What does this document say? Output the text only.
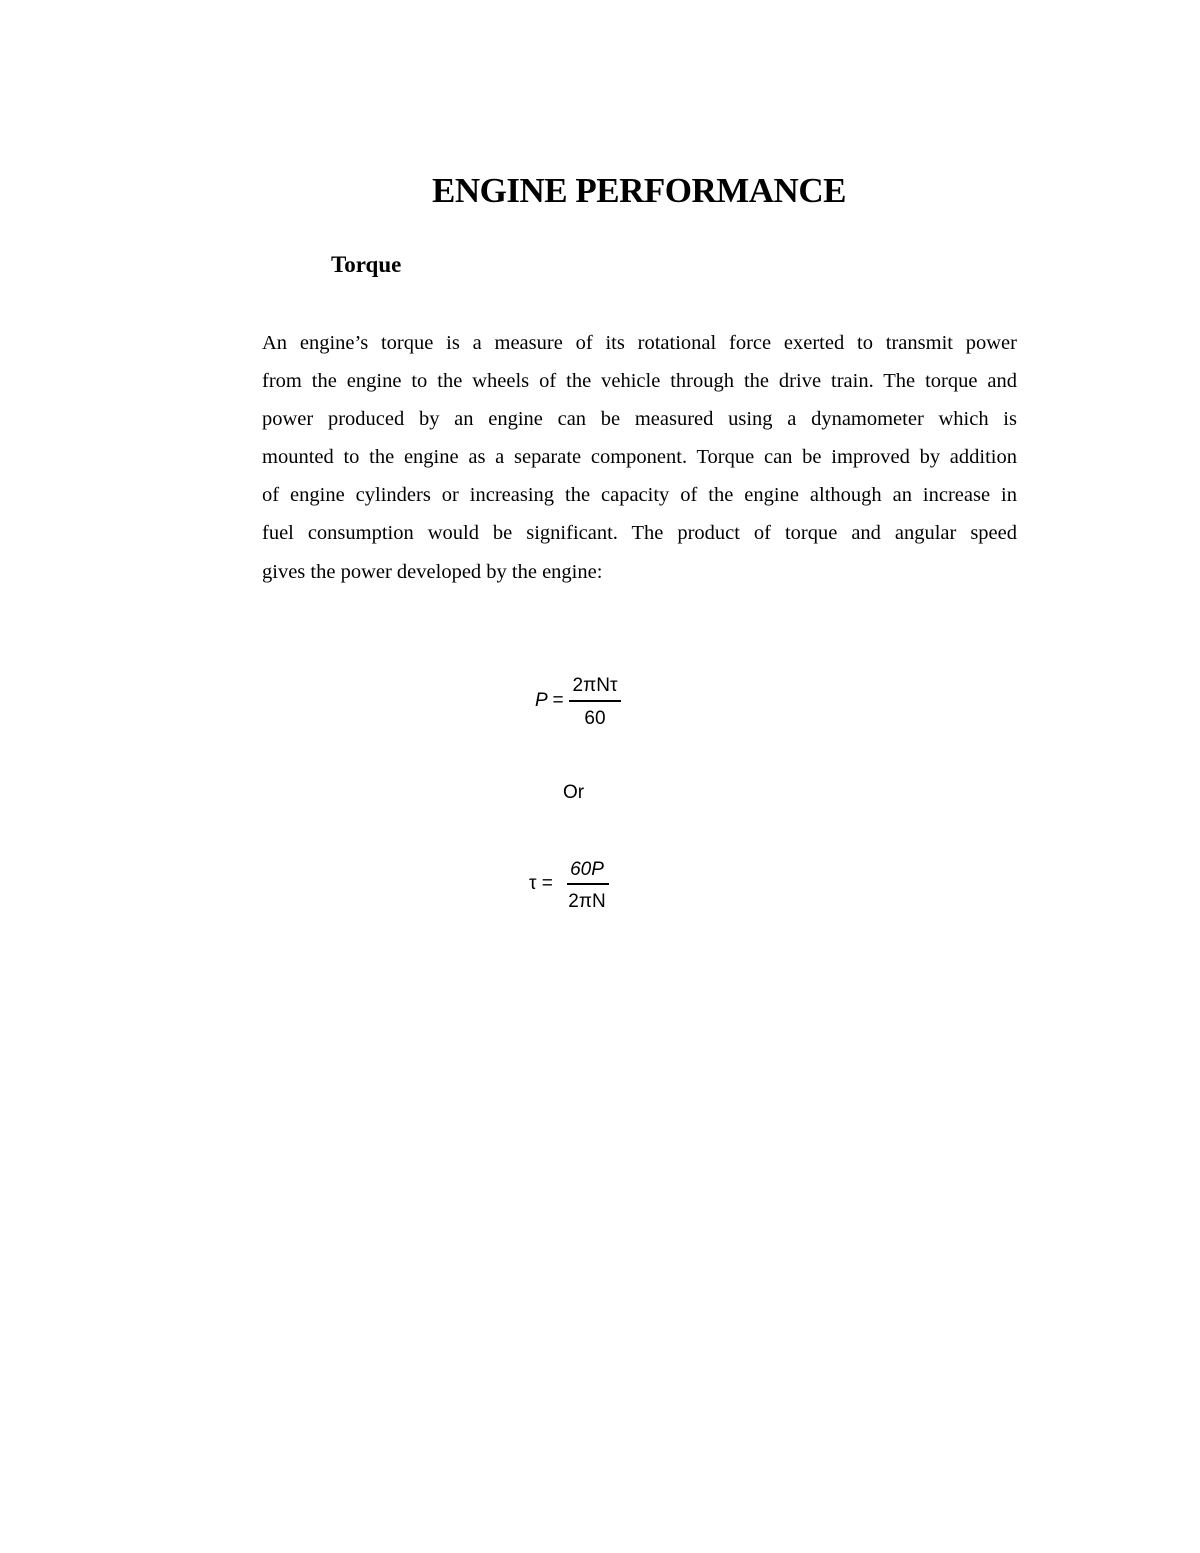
ENGINE PERFORMANCE
Torque

An engine’s torque is a measure of its rotational force exerted to transmit power
from the engine to the wheels of the vehicle through the drive train. The torque and
power produced by an engine can be measured using a dynamometer which is
mounted to the engine as a separate component. Torque can be improved by addition
of engine cylinders or increasing the capacity of the engine although an increase in
fuel consumption would be significant. The product of torque and angular speed
gives the power developed by the engine:

P =
2πNτ
60
Or
τ =
60P
2πN
